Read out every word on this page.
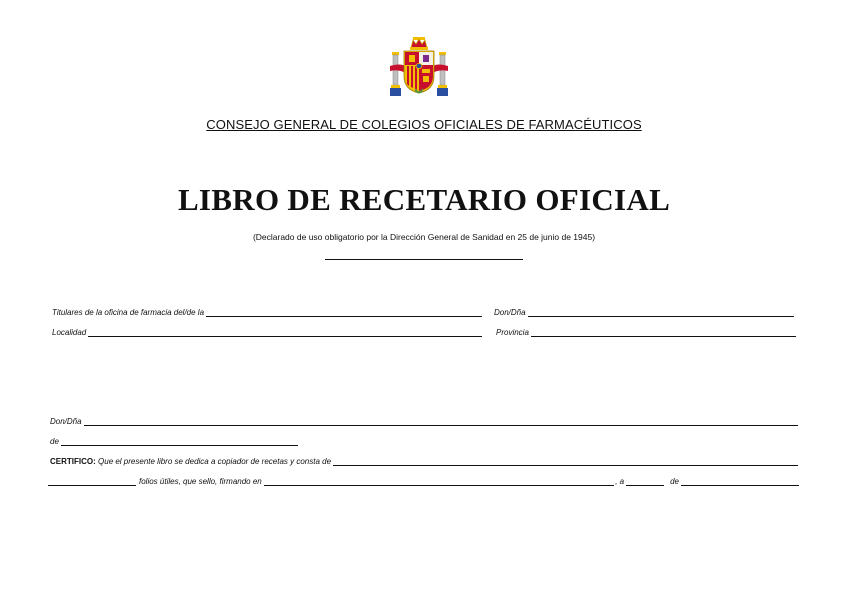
CONSEJO GENERAL DE COLEGIOS OFICIALES DE FARMACÉUTICOS
LIBRO DE RECETARIO OFICIAL
(Declarado de uso obligatorio por la Dirección General de Sanidad en 25 de junio de 1945)
Titulares de la oficina de farmacia del/de la	Don/Dña
Localidad	Provincia
Don/Dña
de
CERTIFICO: Que el presente libro se dedica a copiador de recetas y consta de
folios útiles, que sello, firmando en	, a	de
